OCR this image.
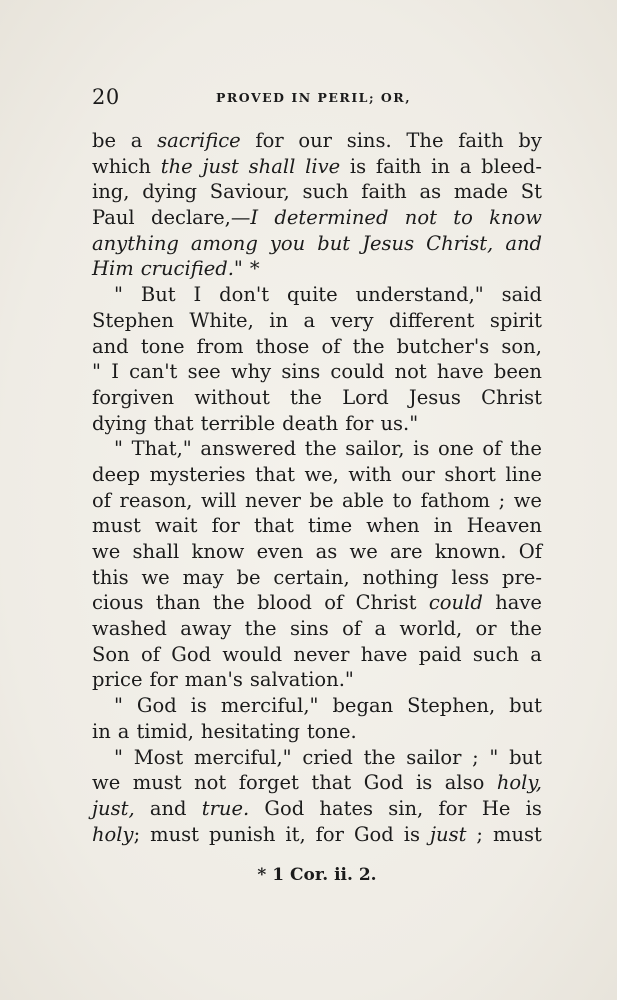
20	PROVED IN PERIL; OR,
be a sacrifice for our sins. The faith by
which the just shall live is faith in a bleed-
ing, dying Saviour, such faith as made St
Paul declare,—I determined not to know
anything among you but Jesus Christ, and
Him crucified." *
" But I don't quite understand," said
Stephen White, in a very different spirit
and tone from those of the butcher's son,
" I can't see why sins could not have been
forgiven without the Lord Jesus Christ
dying that terrible death for us."
" That," answered the sailor, is one of the
deep mysteries that we, with our short line
of reason, will never be able to fathom ; we
must wait for that time when in Heaven
we shall know even as we are known. Of
this we may be certain, nothing less pre-
cious than the blood of Christ could have
washed away the sins of a world, or the
Son of God would never have paid such a
price for man's salvation."
" God is merciful," began Stephen, but
in a timid, hesitating tone.
" Most merciful," cried the sailor ; " but
we must not forget that God is also holy,
just, and true. God hates sin, for He is
holy; must punish it, for God is just ; must
* 1 Cor. ii. 2.
